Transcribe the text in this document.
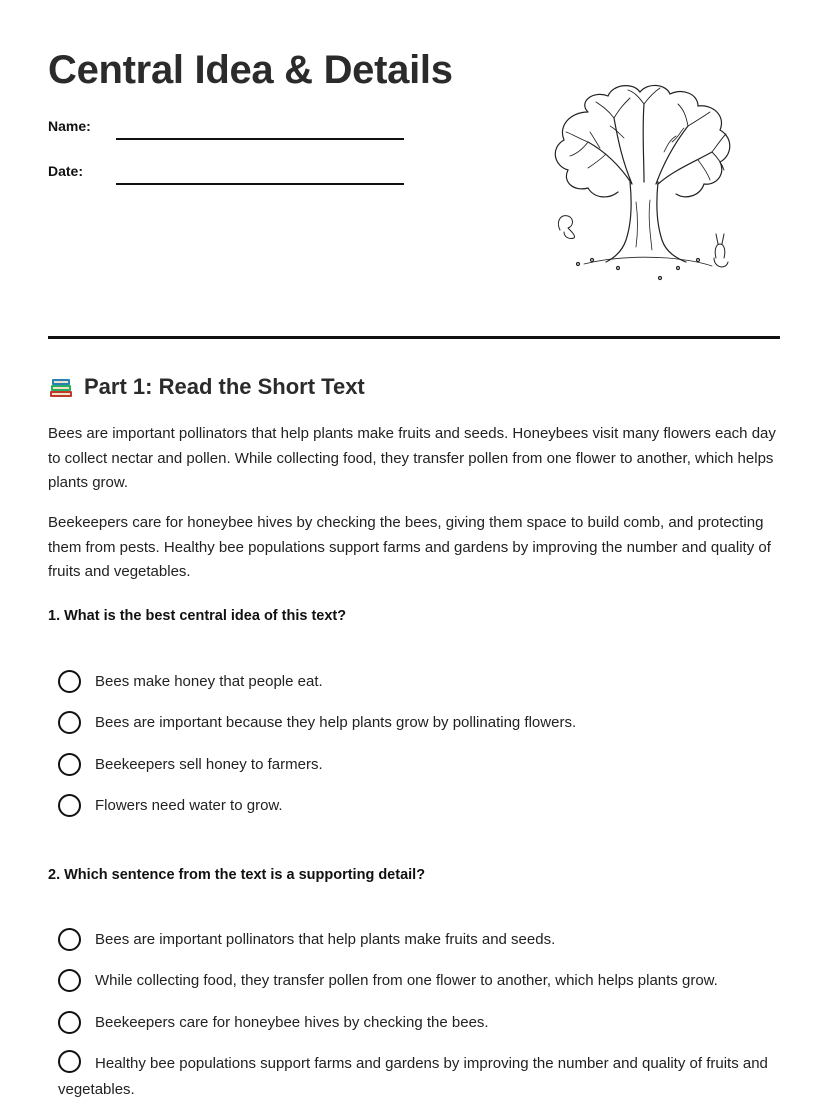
Central Idea & Details
Name:
Date:
Part 1: Read the Short Text
Bees are important pollinators that help plants make fruits and seeds. Honeybees visit many flowers each day to collect nectar and pollen. While collecting food, they transfer pollen from one flower to another, which helps plants grow.
Beekeepers care for honeybee hives by checking the bees, giving them space to build comb, and protecting them from pests. Healthy bee populations support farms and gardens by improving the number and quality of fruits and vegetables.
1. What is the best central idea of this text?
Bees make honey that people eat.
Bees are important because they help plants grow by pollinating flowers.
Beekeepers sell honey to farmers.
Flowers need water to grow.
2. Which sentence from the text is a supporting detail?
Bees are important pollinators that help plants make fruits and seeds.
While collecting food, they transfer pollen from one flower to another, which helps plants grow.
Beekeepers care for honeybee hives by checking the bees.
Healthy bee populations support farms and gardens by improving the number and quality of fruits and vegetables.
